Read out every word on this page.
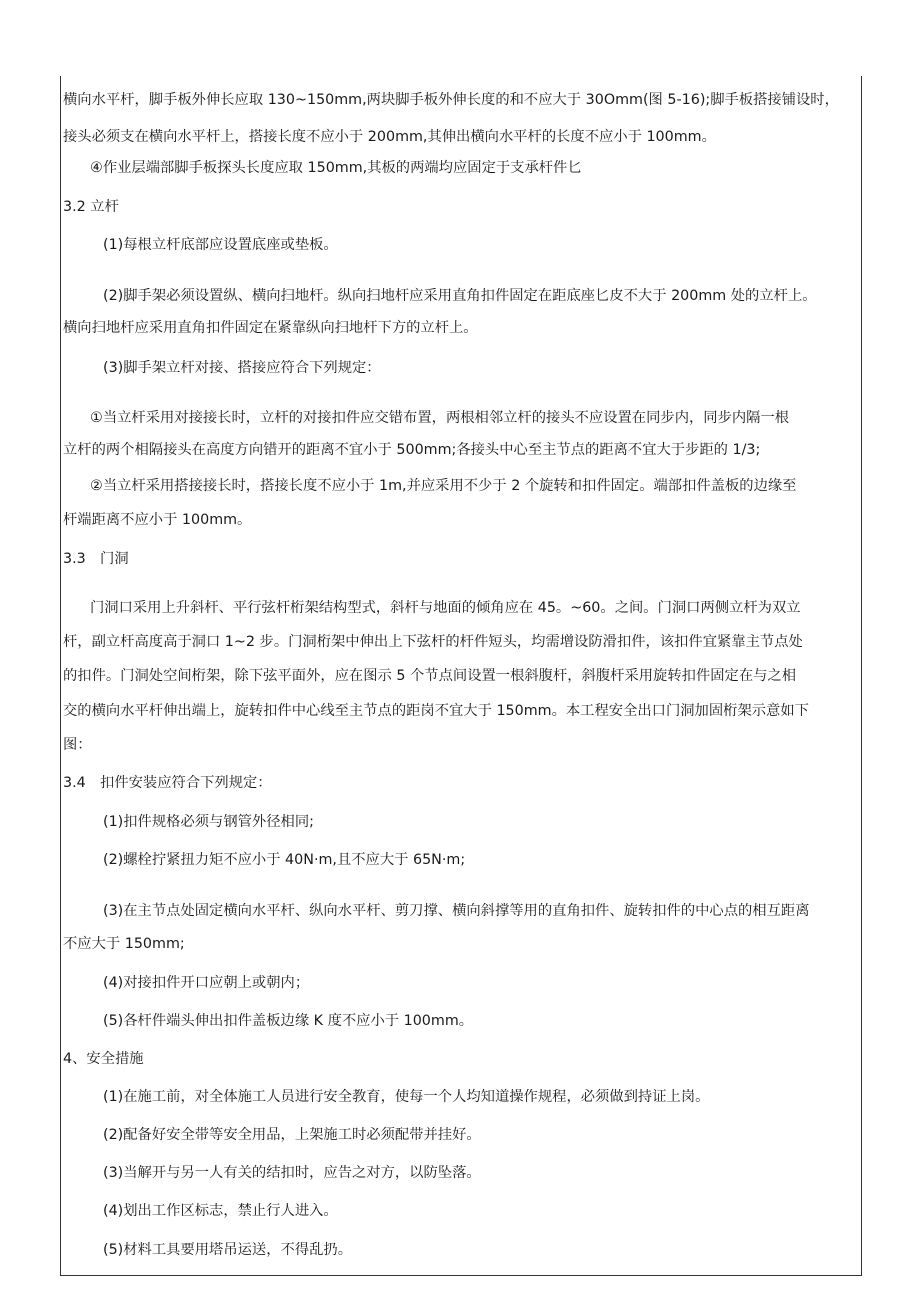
横向水平杆，脚手板外伸长应取 130~150mm,两块脚手板外伸长度的和不应大于 30Omm(图 5-16);脚手板搭接铺设时，
接头必须支在横向水平杆上，搭接长度不应小于 200mm,其伸出横向水平杆的长度不应小于 100mm。
④作业层端部脚手板探头长度应取 150mm,其板的两端均应固定于支承杆件匕
3.2 立杆
(1)每根立杆底部应设置底座或垫板。
(2)脚手架必须设置纵、横向扫地杆。纵向扫地杆应采用直角扣件固定在距底座匕皮不大于 200mm 处的立杆上。
横向扫地杆应采用直角扣件固定在紧靠纵向扫地杆下方的立杆上。
(3)脚手架立杆对接、搭接应符合下列规定：
①当立杆采用对接接长时，立杆的对接扣件应交错布置，两根相邻立杆的接头不应设置在同步内，同步内隔一根
立杆的两个相隔接头在高度方向错开的距离不宜小于 500mm;各接头中心至主节点的距离不宜大于步距的 1/3;
②当立杆采用搭接接长时，搭接长度不应小于 1m,并应采用不少于 2 个旋转和扣件固定。端部扣件盖板的边缘至
杆端距离不应小于 100mm。
3.3　门洞
门洞口采用上升斜杆、平行弦杆桁架结构型式，斜杆与地面的倾角应在 45。~60。之间。门洞口两侧立杆为双立
杆，副立杆高度高于洞口 1~2 步。门洞桁架中伸出上下弦杆的杆件短头，均需增设防滑扣件，该扣件宜紧靠主节点处
的扣件。门洞处空间桁架，除下弦平面外，应在图示 5 个节点间设置一根斜腹杆，斜腹杆采用旋转扣件固定在与之相
交的横向水平杆伸出端上，旋转扣件中心线至主节点的距岗不宜大于 150mm。本工程安全出口门洞加固桁架示意如下
图：
3.4　扣件安装应符合下列规定：
(1)扣件规格必须与钢管外径相同;
(2)螺栓拧紧扭力矩不应小于 40N·m,且不应大于 65N·m;
(3)在主节点处固定横向水平杆、纵向水平杆、剪刀撑、横向斜撑等用的直角扣件、旋转扣件的中心点的相互距离
不应大于 150mm;
(4)对接扣件开口应朝上或朝内；
(5)各杆件端头伸出扣件盖板边缘 K 度不应小于 100mm。
4、安全措施
(1)在施工前，对全体施工人员进行安全教育，使每一个人均知道操作规程，必须做到持证上岗。
(2)配备好安全带等安全用品，上架施工时必须配带并挂好。
(3)当解开与另一人有关的结扣时，应告之对方，以防坠落。
(4)划出工作区标志，禁止行人进入。
(5)材料工具要用塔吊运送，不得乱扔。
